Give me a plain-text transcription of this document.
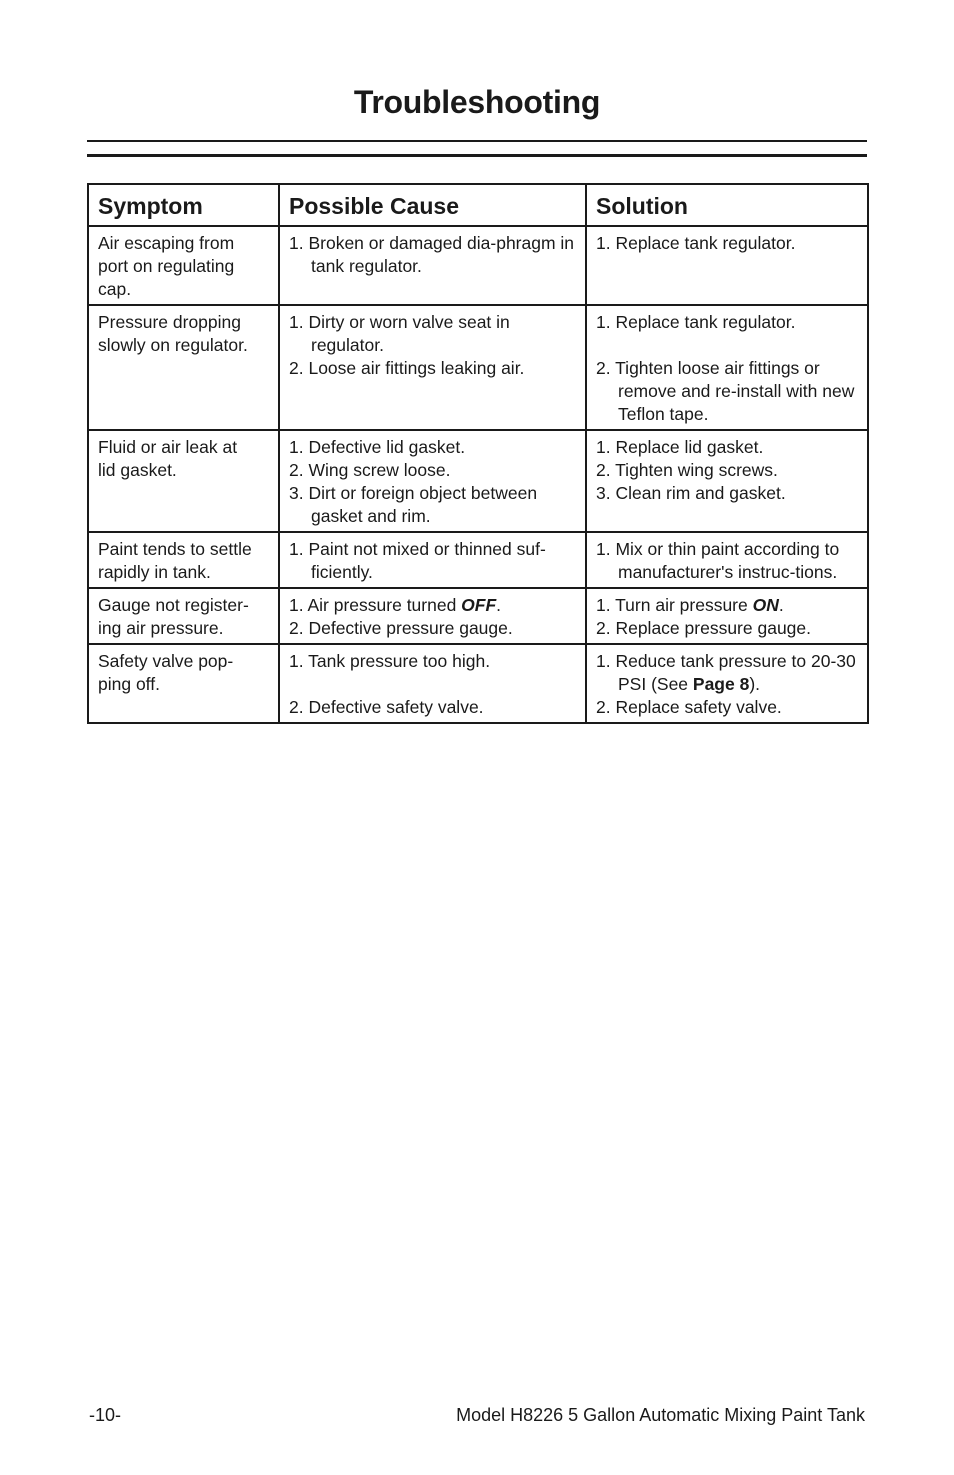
Troubleshooting
Symptom	Possible Cause	Solution

Air escaping from port on regulating cap.	1. Broken or damaged dia-phragm in tank regulator.	1. Replace tank regulator.

Pressure dropping slowly on regulator.	1. Dirty or worn valve seat in regulator.
2. Loose air fittings leaking air.	1. Replace tank regulator.
2. Tighten loose air fittings or remove and re-install with new Teflon tape.

Fluid or air leak at lid gasket.	1. Defective lid gasket.
2. Wing screw loose.
3. Dirt or foreign object between gasket and rim.	1. Replace lid gasket.
2. Tighten wing screws.
3. Clean rim and gasket.

Paint tends to settle rapidly in tank.	1. Paint not mixed or thinned suf-ficiently.	1. Mix or thin paint according to manufacturer's instruc-tions.

Gauge not register-ing air pressure.	1. Air pressure turned OFF.
2. Defective pressure gauge.	1. Turn air pressure ON.
2. Replace pressure gauge.

Safety valve pop-ping off.	1. Tank pressure too high.
2. Defective safety valve.	1. Reduce tank pressure to 20-30 PSI (See Page 8).
2. Replace safety valve.
-10-	Model H8226 5 Gallon Automatic Mixing Paint Tank
